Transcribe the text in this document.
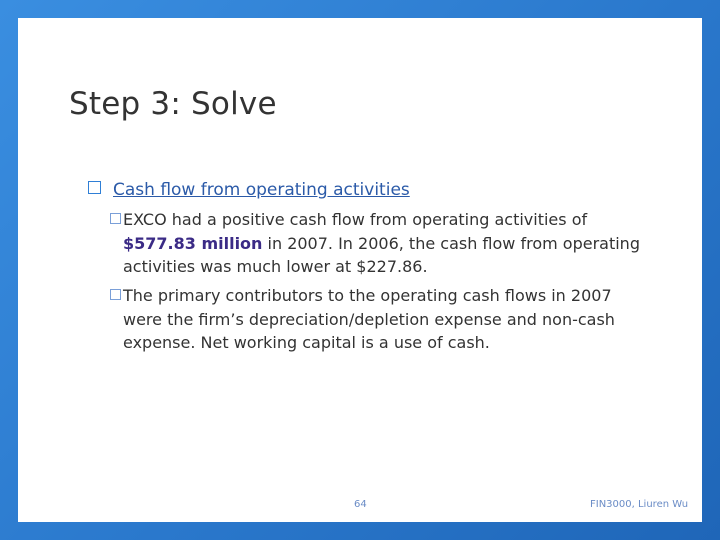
Step 3: Solve
Cash flow from operating activities
EXCO had a positive cash flow from operating activities of $577.83 million in 2007. In 2006, the cash flow from operating activities was much lower at $227.86.
The primary contributors to the operating cash flows in 2007 were the firm’s depreciation/depletion expense and non-cash expense. Net working capital is a use of cash.
64	FIN3000, Liuren Wu
